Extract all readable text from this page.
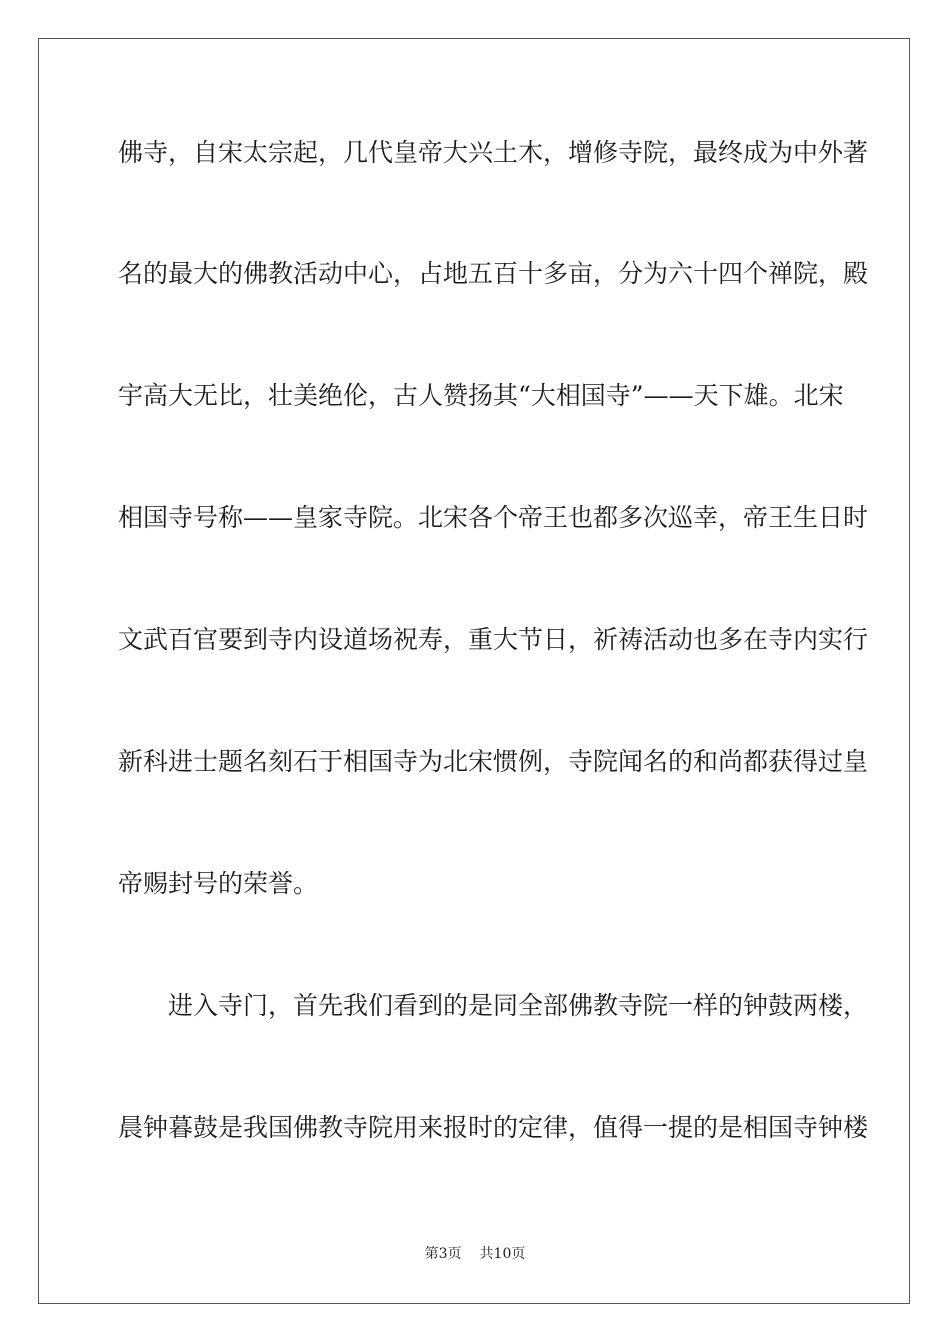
佛寺，自宋太宗起，几代皇帝大兴土木，增修寺院，最终成为中外著
名的最大的佛教活动中心，占地五百十多亩，分为六十四个禅院，殿
宇高大无比，壮美绝伦，古人赞扬其“大相国寺”——天下雄。北宋
相国寺号称——皇家寺院。北宋各个帝王也都多次巡幸，帝王生日时
文武百官要到寺内设道场祝寿，重大节日，祈祷活动也多在寺内实行
新科进士题名刻石于相国寺为北宋惯例，寺院闻名的和尚都获得过皇
帝赐封号的荣誉。
进入寺门，首先我们看到的是同全部佛教寺院一样的钟鼓两楼，
晨钟暮鼓是我国佛教寺院用来报时的定律，值得一提的是相国寺钟楼
第3页 共10页
